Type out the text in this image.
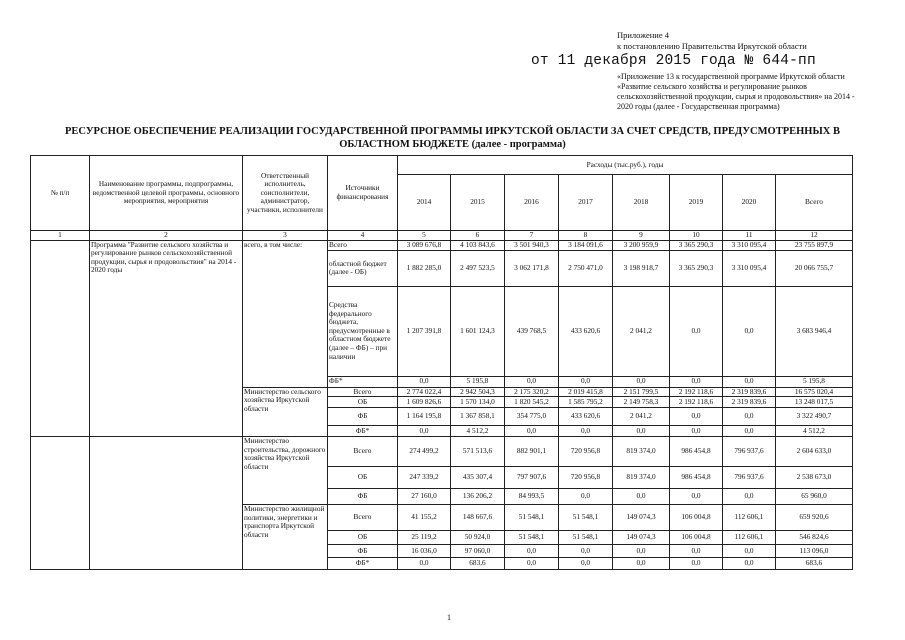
Приложение 4
к постановлению Правительства Иркутской области
от 11 декабря 2015 года № 644-пп
«Приложение 13 к государственной программе Иркутской области «Развитие сельского хозяйства и регулирование рынков сельскохозяйственной продукции, сырья и продовольствия» на 2014 - 2020 годы (далее - Государственная программа)
РЕСУРСНОЕ ОБЕСПЕЧЕНИЕ РЕАЛИЗАЦИИ ГОСУДАРСТВЕННОЙ ПРОГРАММЫ ИРКУТСКОЙ ОБЛАСТИ ЗА СЧЕТ СРЕДСТВ, ПРЕДУСМОТРЕННЫХ В ОБЛАСТНОМ БЮДЖЕТЕ (далее - программа)
№ п/п	Наименование программы, подпрограммы, ведомственной целевой программы, основного мероприятия, мероприятия	Ответственный исполнитель, соисполнители, администратор, участники, исполнители	Источники финансирования	Расходы (тыс.руб.), годы							
				2014	2015	2016	2017	2018	2019	2020	Всего
1	2	3	4	5	6	7	8	9	10	11	12
	Программа "Развитие сельского хозяйства и регулирование рынков сельскохозяйственной продукции, сырья и продовольствия" на 2014 - 2020 годы	всего, в том числе:	Всего	3 089 676,8	4 103 843,6	3 501 940,3	3 184 091,6	3 200 959,9	3 365 290,3	3 310 095,4	23 755 897,9
			областной бюджет (далее - ОБ)	1 882 285,0	2 497 523,5	3 062 171,8	2 750 471,0	3 198 918,7	3 365 290,3	3 310 095,4	20 066 755,7
			Средства федерального бюджета, предусмотренные в областном бюджете (далее – ФБ) – при наличии	1 207 391,8	1 601 124,3	439 768,5	433 620,6	2 041,2	0,0	0,0	3 683 946,4
			ФБ*	0,0	5 195,8	0,0	0,0	0,0	0,0	0,0	5 195,8
		Министерство сельского хозяйства Иркутской области	Всего	2 774 022,4	2 942 504,3	2 175 320,2	2 019 415,8	2 151 799,5	2 192 118,6	2 319 839,6	16 575 020,4
			ОБ	1 609 826,6	1 570 134,0	1 820 545,2	1 585 795,2	2 149 758,3	2 192 118,6	2 319 839,6	13 248 017,5
			ФБ	1 164 195,8	1 367 858,1	354 775,0	433 620,6	2 041,2	0,0	0,0	3 322 490,7
			ФБ*	0,0	4 512,2	0,0	0,0	0,0	0,0	0,0	4 512,2
		Министерство строительства, дорожного хозяйства Иркутской области	Всего	274 499,2	571 513,6	882 901,1	720 956,8	819 374,0	986 454,8	796 937,6	2 604 633,0
			ОБ	247 339,2	435 307,4	797 907,6	720 956,8	819 374,0	986 454,8	796 937,6	2 538 673,0
			ФБ	27 160,0	136 206,2	84 993,5	0,0	0,0	0,0	0,0	65 960,0
		Министерство жилищной политики, энергетики и транспорта Иркутской области	Всего	41 155,2	148 667,6	51 548,1	51 548,1	149 074,3	106 004,8	112 606,1	659 920,6
			ОБ	25 119,2	50 924,0	51 548,1	51 548,1	149 074,3	106 004,8	112 606,1	546 824,6
			ФБ	16 036,0	97 060,0	0,0	0,0	0,0	0,0	0,0	113 096,0
			ФБ*	0,0	683,6	0,0	0,0	0,0	0,0	0,0	683,6
1
